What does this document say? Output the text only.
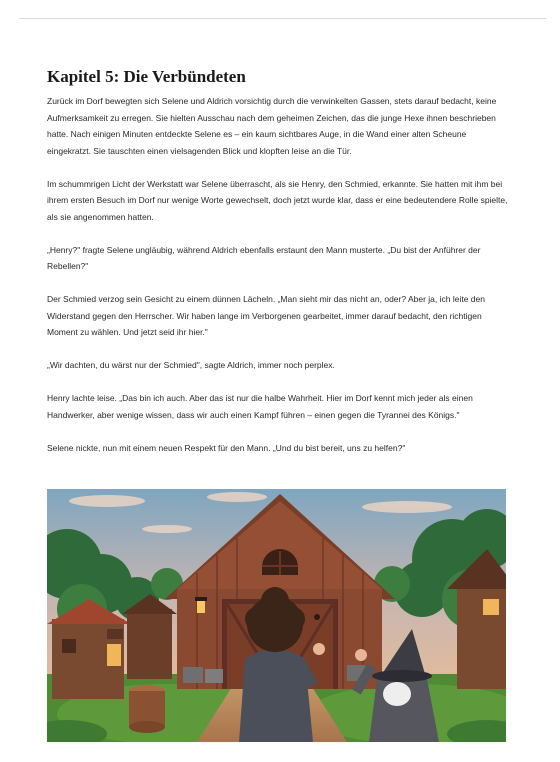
Kapitel 5: Die Verbündeten

Zurück im Dorf bewegten sich Selene und Aldrich vorsichtig durch die verwinkelten Gassen, stets darauf bedacht, keine Aufmerksamkeit zu erregen. Sie hielten Ausschau nach dem geheimen Zeichen, das die junge Hexe ihnen beschrieben hatte. Nach einigen Minuten entdeckte Selene es – ein kaum sichtbares Auge, in die Wand einer alten Scheune eingekratzt. Sie tauschten einen vielsagenden Blick und klopften leise an die Tür.

Im schummrigen Licht der Werkstatt war Selene überrascht, als sie Henry, den Schmied, erkannte. Sie hatten mit ihm bei ihrem ersten Besuch im Dorf nur wenige Worte gewechselt, doch jetzt wurde klar, dass er eine bedeutendere Rolle spielte, als sie angenommen hatten.

„Henry?" fragte Selene ungläubig, während Aldrich ebenfalls erstaunt den Mann musterte. „Du bist der Anführer der Rebellen?"

Der Schmied verzog sein Gesicht zu einem dünnen Lächeln. „Man sieht mir das nicht an, oder? Aber ja, ich leite den Widerstand gegen den Herrscher. Wir haben lange im Verborgenen gearbeitet, immer darauf bedacht, den richtigen Moment zu wählen. Und jetzt seid ihr hier."

„Wir dachten, du wärst nur der Schmied", sagte Aldrich, immer noch perplex.

Henry lachte leise. „Das bin ich auch. Aber das ist nur die halbe Wahrheit. Hier im Dorf kennt mich jeder als einen Handwerker, aber wenige wissen, dass wir auch einen Kampf führen – einen gegen die Tyrannei des Königs."

Selene nickte, nun mit einem neuen Respekt für den Mann. „Und du bist bereit, uns zu helfen?"
